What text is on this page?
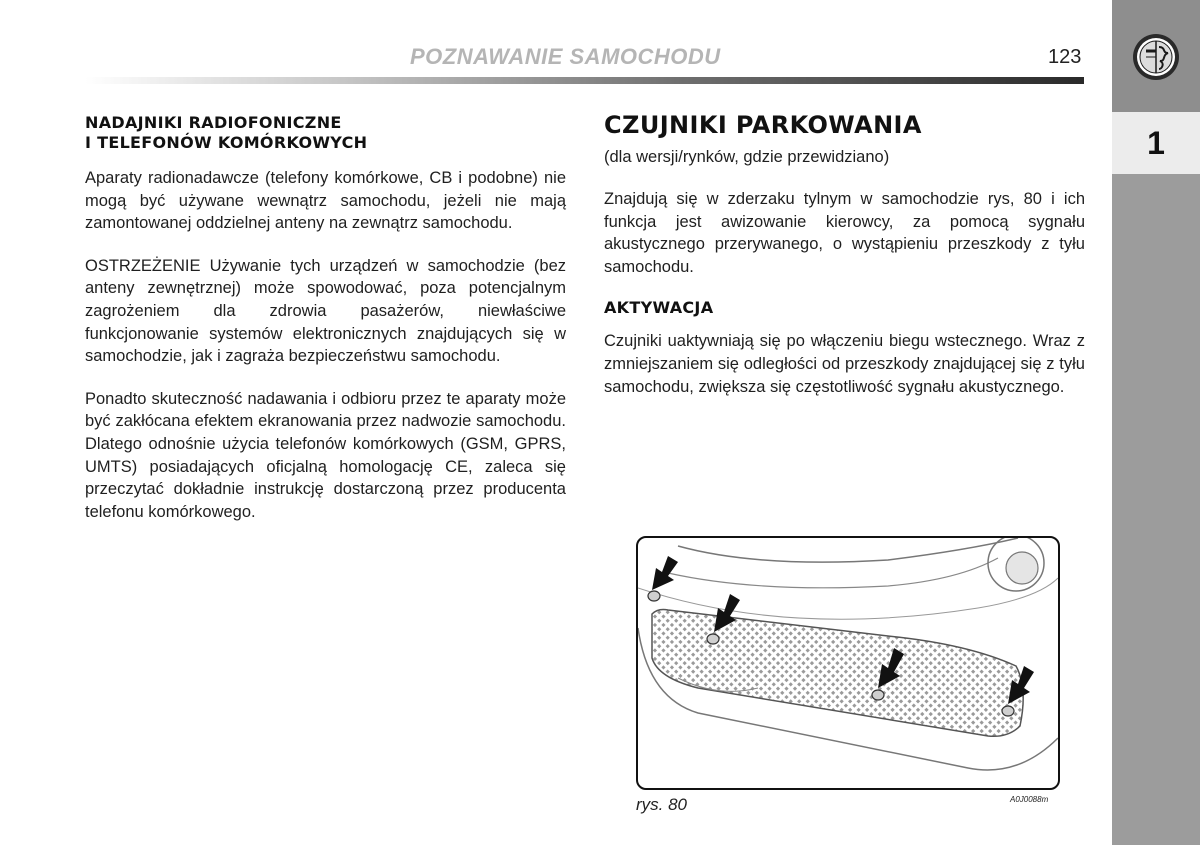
POZNAWANIE SAMOCHODU	123
1

NADAJNIKI RADIOFONICZNE
I TELEFONÓW KOMÓRKOWYCH

Aparaty radionadawcze (telefony komórkowe, CB i podobne) nie mogą być używane wewnątrz samochodu, jeżeli nie mają zamontowanej oddzielnej anteny na zewnątrz samochodu.

OSTRZEŻENIE Używanie tych urządzeń w samochodzie (bez anteny zewnętrznej) może spowodować, poza potencjalnym zagrożeniem dla zdrowia pasażerów, niewłaściwe funkcjonowanie systemów elektronicznych znajdujących się w samochodzie, jak i zagraża bezpieczeństwu samochodu.

Ponadto skuteczność nadawania i odbioru przez te aparaty może być zakłócana efektem ekranowania przez nadwozie samochodu. Dlatego odnośnie użycia telefonów komórkowych (GSM, GPRS, UMTS) posiadających oficjalną homologację CE, zaleca się przeczytać dokładnie instrukcję dostarczoną przez producenta telefonu komórkowego.

CZUJNIKI PARKOWANIA

(dla wersji/rynków, gdzie przewidziano)

Znajdują się w zderzaku tylnym w samochodzie rys, 80 i ich funkcja jest awizowanie kierowcy, za pomocą sygnału akustycznego przerywanego, o wystąpieniu przeszkody z tyłu samochodu.

AKTYWACJA

Czujniki uaktywniają się po włączeniu biegu wstecznego. Wraz z zmniejszaniem się odległości od przeszkody znajdującej się z tyłu samochodu, zwiększa się częstotliwość sygnału akustycznego.

rys. 80	A0J0088m
